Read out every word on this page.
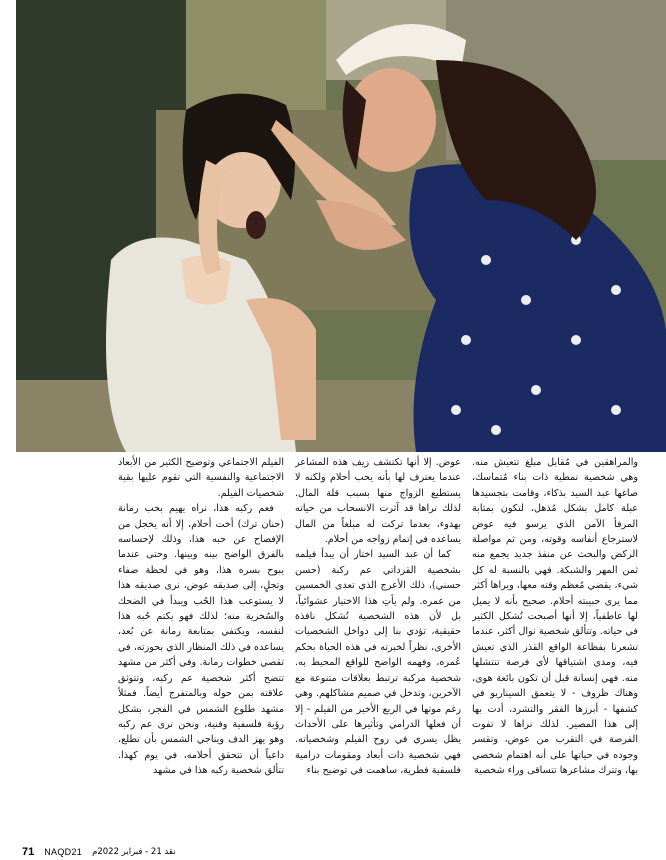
والمراهقين في مُقابل مبلغ تتعيش منه. وهي شخصية نمطية ذات بناء مُتماسك، صاغها عبد السيد بذكاء، وقامت بتجسيدها عبلة كامل بشكل مُذهل، لتكون بمثابة المرفأ الآمن الذي يرسو فيه عوض لاسترجاع أنفاسه وقوته، ومن ثم مواصلة الركض والبحث عن منفذ جديد يجمع منه ثمن المهر والشبكة. فهي بالنسبة له كل شيء، يقضي مُعظم وقته معها، ويراها أكثر مما يرى حبيبته أحلام. صحيح بأنه لا يميل لها عاطفياً، إلا أنها أصبحت تُشكل الكثير في حياته. وتتألق شخصية نوال أكثر، عندما تشعرنا بفظاعة الواقع القذر الذي تعيش فيه، ومدى اشتياقها لأي فرصة تنتشلها منه. فهي إنسانة قبل أن تكون بائعة هوى، وهناك ظروف - لا يتعمق السيناريو في كشفها - أبرزها الفقر والتشرد، أدت بها إلى هذا المصير. لذلك نراها لا تفوت الفرصة في التقرب من عوض، وتقسر وجوده في حياتها على أنه اهتمام شخصي بها، وتترك مشاعرها تتساقى وراء شخصية

عوض. إلا أنها تكتشف زيف هذه المشاعر عندما يعترف لها بأنه يحب أحلام ولكنه لا يستطيع الزواج منها بسبب قلة المال. لذلك نراها قد آثرت الانسحاب من حياته بهدوء، بعدما تركت له مبلغاً من المال يساعده في إتمام زواجه من أحلام.

كما أن عبد السيد اختار أن يبدأ فيلمه بشخصية القرداتي عم ركبة (حسن حسني)، ذلك الأعرج الذي تعدى الخمسين من عمره. ولم يأتِ هذا الاختيار عشوائياً، بل لأن هذه الشخصية تُشكل نافذة حقيقية، تؤدي بنا إلى دواخل الشخصيات الأخرى، نظراً لخبرته في هذه الحياة بحكم عُمره، وفهمه الواضح للواقع المحيط به. شخصية مركبة ترتبط بعلاقات متنوعة مع الآخرين، وتدخل في صميم مشاكلهم. وهي رغم موتها في الربع الأخير من الفيلم - إلا أن فعلها الدرامي وتأثيرها على الأحداث يظل يسري في روح الفيلم وشخصياته. فهي شخصية ذات أبعاد ومقومات درامية فلسفية فطرية، ساهمت في توضيح بناء

الفيلم الاجتماعي وتوضيح الكثير من الأبعاد الاجتماعية والنفسية التي تقوم عليها بقية شخصيات الفيلم.

فعم ركبه هذا، نراه يهيم بحب رمانة (حنان ترك) أخت أحلام، إلا أنه يخجل من الإفصاح عن حبه هذا، وذلك لإحساسه بالفرق الواضح بينه وبينها. وحتى عندما يبوح بسره هذا، وهو في لحظة صفاء وتجلٍ، إلى صديقه عوض، نرى صديقه هذا لا يستوعب هذا الحُب ويبدأ في الضحك والسُخرية منه؛ لذلك فهو يكتم حُبه هذا لنفسه، ويكتفي بمتابعة رمانة عن بُعد، يساعده في ذلك المنظار الذي بحوزته، في تقصي خطوات رمانة. وفي أكثر من مشهد تتضح أكثر شخصية عم ركبه، وتتوثق علاقته بمن حوله وبالمتفرج أيضاً. فمثلاً مشهد طلوع الشمس في الفجر، بشكل رؤية فلسفية وفنية، ونحن نرى عم ركبه وهو يهز الدف ويناجي الشمس بأن تطلع، داعياً أن تتحقق أحلامه، في يوم كهذا. تتألق شخصية ركبه هذا في مشهد

71 NAQD21 نقد 21 - فبراير 2022م
